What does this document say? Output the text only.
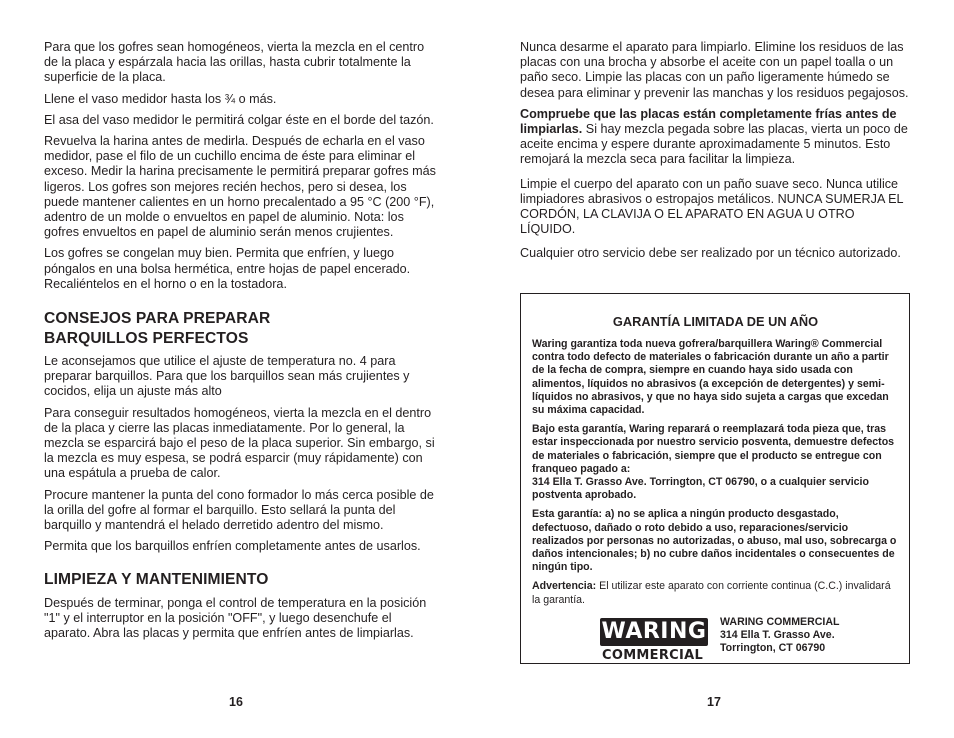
Para que los gofres sean homogéneos, vierta la mezcla en el centro de la placa y espárzala hacia las orillas, hasta cubrir totalmente la superficie de la placa.

Llene el vaso medidor hasta los ¾ o más.

El asa del vaso medidor le permitirá colgar éste en el borde del tazón.

Revuelva la harina antes de medirla. Después de echarla en el vaso medidor, pase el filo de un cuchillo encima de éste para eliminar el exceso. Medir la harina precisamente le permitirá preparar gofres más ligeros. Los gofres son mejores recién hechos, pero si desea, los puede mantener calientes en un horno precalentado a 95 °C (200 °F), adentro de un molde o envueltos en papel de aluminio. Nota: los gofres envueltos en papel de aluminio serán menos crujientes.

Los gofres se congelan muy bien. Permita que enfríen, y luego póngalos en una bolsa hermética, entre hojas de papel encerado. Recaliéntelos en el horno o en la tostadora.

CONSEJOS PARA PREPARAR
BARQUILLOS PERFECTOS

Le aconsejamos que utilice el ajuste de temperatura no. 4 para preparar barquillos. Para que los barquillos sean más crujientes y cocidos, elija un ajuste más alto

Para conseguir resultados homogéneos, vierta la mezcla en el dentro de la placa y cierre las placas inmediatamente. Por lo general, la mezcla se esparcirá bajo el peso de la placa superior. Sin embargo, si la mezcla es muy espesa, se podrá esparcir (muy rápidamente) con una espátula a prueba de calor.

Procure mantener la punta del cono formador lo más cerca posible de la orilla del gofre al formar el barquillo. Esto sellará la punta del barquillo y mantendrá el helado derretido adentro del mismo.

Permita que los barquillos enfríen completamente antes de usarlos.

LIMPIEZA Y MANTENIMIENTO

Después de terminar, ponga el control de temperatura en la posición "1" y el interruptor en la posición "OFF", y luego desenchufe el aparato. Abra las placas y permita que enfríen antes de limpiarlas.

16

Nunca desarme el aparato para limpiarlo. Elimine los residuos de las placas con una brocha y absorbe el aceite con un papel toalla o un paño seco. Limpie las placas con un paño ligeramente húmedo se desea para eliminar y prevenir las manchas y los residuos pegajosos.

Compruebe que las placas están completamente frías antes de limpiarlas. Si hay mezcla pegada sobre las placas, vierta un poco de aceite encima y espere durante aproximadamente 5 minutos. Esto remojará la mezcla seca para facilitar la limpieza.

Limpie el cuerpo del aparato con un paño suave seco. Nunca utilice limpiadores abrasivos o estropajos metálicos. NUNCA SUMERJA EL CORDÓN, LA CLAVIJA O EL APARATO EN AGUA U OTRO LÍQUIDO.

Cualquier otro servicio debe ser realizado por un técnico autorizado.

GARANTÍA LIMITADA DE UN AÑO

Waring garantiza toda nueva gofrera/barquillera Waring® Commercial contra todo defecto de materiales o fabricación durante un año a partir de la fecha de compra, siempre en cuando haya sido usada con alimentos, líquidos no abrasivos (a excepción de detergentes) y semi-líquidos no abrasivos, y que no haya sido sujeta a cargas que excedan su máxima capacidad.

Bajo esta garantía, Waring reparará o reemplazará toda pieza que, tras estar inspeccionada por nuestro servicio posventa, demuestre defectos de materiales o fabricación, siempre que el producto se entregue con franqueo pagado a:
314 Ella T. Grasso Ave. Torrington, CT 06790, o a cualquier servicio postventa aprobado.

Esta garantía: a) no se aplica a ningún producto desgastado, defectuoso, dañado o roto debido a uso, reparaciones/servicio realizados por personas no autorizadas, o abuso, mal uso, sobrecarga o daños intencionales; b) no cubre daños incidentales o consecuentes de ningún tipo.

Advertencia: El utilizar este aparato con corriente continua (C.C.) invalidará la garantía.

WARING
COMMERCIAL
WARING COMMERCIAL
314 Ella T. Grasso Ave.
Torrington, CT 06790
17
